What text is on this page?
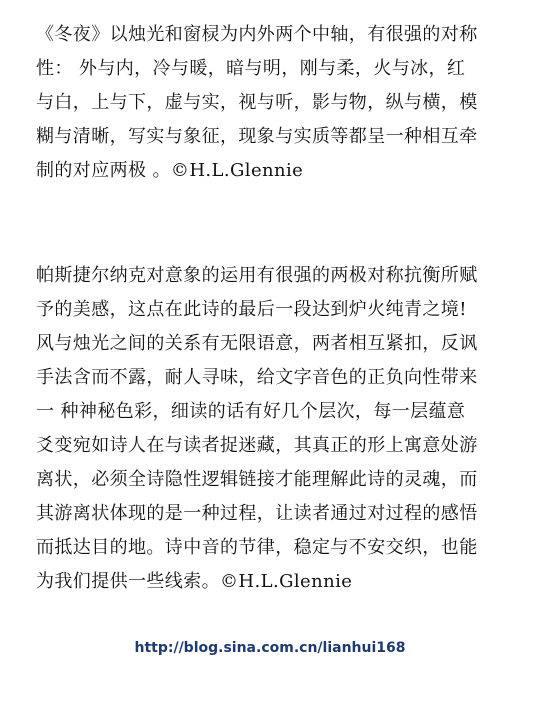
《冬夜》以烛光和窗棂为内外两个中轴，有很强的对称
性： 外与内，冷与暖，暗与明，刚与柔，火与冰，红
与白，上与下，虚与实，视与听，影与物，纵与横，模
糊与清晰，写实与象征，现象与实质等都呈一种相互牵
制的对应两极 。©H.L.Glennie
帕斯捷尔纳克对意象的运用有很强的两极对称抗衡所赋
予的美感，这点在此诗的最后一段达到炉火纯青之境!
风与烛光之间的关系有无限语意，两者相互紧扣，反讽
手法含而不露，耐人寻味，给文字音色的正负向性带来
一 种神秘色彩，细读的话有好几个层次，每一层蕴意
爻变宛如诗人在与读者捉迷藏，其真正的形上寓意处游
离状，必须全诗隐性逻辑链接才能理解此诗的灵魂，而
其游离状体现的是一种过程，让读者通过对过程的感悟
而抵达目的地。诗中音的节律，稳定与不安交织，也能
为我们提供一些线索。©H.L.Glennie
http://blog.sina.com.cn/lianhui168
